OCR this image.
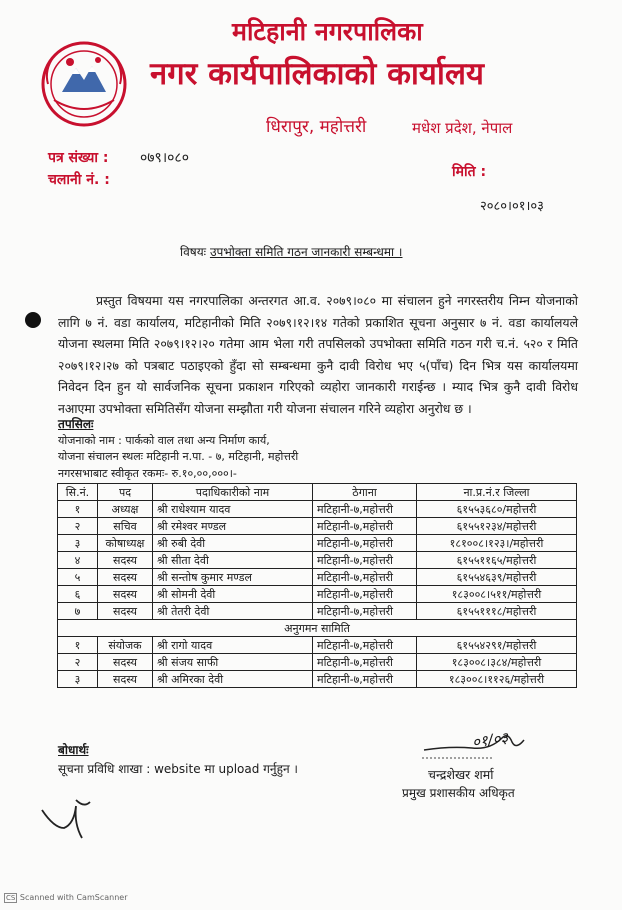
मटिहानी नगरपालिका
नगर कार्यपालिकाको कार्यालय
धिरापुर, महोत्तरी	मधेश प्रदेश, नेपाल
पत्र संख्या : ०७९।०८०
चलानी नं. :	मिति :
२०८०।०१।०३
विषयः उपभोक्ता समिति गठन जानकारी सम्बन्धमा ।
प्रस्तुत विषयमा यस नगरपालिका अन्तरगत आ.व. २०७९।०८० मा संचालन हुने नगरस्तरीय निम्न योजनाको लागि ७ नं. वडा कार्यालय, मटिहानीको मिति २०७९।१२।१४ गतेको प्रकाशित सूचना अनुसार ७ नं. वडा कार्यालयले योजना स्थलमा मिति २०७९।१२।२० गतेमा आम भेला गरी तपसिलको उपभोक्ता समिति गठन गरी च.नं. ५२० र मिति २०७९।१२।२७ को पत्रबाट पठाइएको हुँदा सो सम्बन्धमा कुनै दावी विरोध भए ५(पाँच) दिन भित्र यस कार्यालयमा निवेदन दिन हुन यो सार्वजनिक सूचना प्रकाशन गरिएको व्यहोरा जानकारी गराईन्छ । म्याद भित्र कुनै दावी विरोध नआएमा उपभोक्ता समितिसँग योजना सम्झौता गरी योजना संचालन गरिने व्यहोरा अनुरोध छ ।
तपसिलः
योजनाको नाम : पार्कको वाल तथा अन्य निर्माण कार्य,
योजना संचालन स्थलः मटिहानी न.पा. - ७, मटिहानी, महोत्तरी
नगरसभाबाट स्वीकृत रकमः- रु.१०,००,०००।-
सि.नं.	पद	पदाधिकारीको नाम	ठेगाना	ना.प्र.नं.र जिल्ला
१	अध्यक्ष	श्री राधेश्याम यादव	मटिहानी-७,महोत्तरी	६१५५३६८०/महोत्तरी
२	सचिव	श्री रमेश्वर मण्डल	मटिहानी-७,महोत्तरी	६१५५१२३४/महोत्तरी
३	कोषाध्यक्ष	श्री रुबी देवी	मटिहानी-७,महोत्तरी	१८१००८।१२३।/महोत्तरी
४	सदस्य	श्री सीता देवी	मटिहानी-७,महोत्तरी	६१५५११६५/महोत्तरी
५	सदस्य	श्री सन्तोष कुमार मण्डल	मटिहानी-७,महोत्तरी	६१५५४६३९/महोत्तरी
६	सदस्य	श्री सोमनी देवी	मटिहानी-७,महोत्तरी	१८३००८।५११/महोत्तरी
७	सदस्य	श्री तेतरी देवी	मटिहानी-७,महोत्तरी	६१५५१११८/महोत्तरी
अनुगमन सामिति				
१	संयोजक	श्री रागो यादव	मटिहानी-७,महोत्तरी	६१५५४२९१/महोत्तरी
२	सदस्य	श्री संजय साफी	मटिहानी-७,महोत्तरी	१८३००८।३८४/महोत्तरी
३	सदस्य	श्री अमिरका देवी	मटिहानी-७,महोत्तरी	१८३००८।११२६/महोत्तरी
०१/०३
बोधार्थः
सूचना प्रविधि शाखा : website मा upload गर्नुहुन ।	चन्द्रशेखर शर्मा
प्रमुख प्रशासकीय अधिकृत
CS Scanned with CamScanner
